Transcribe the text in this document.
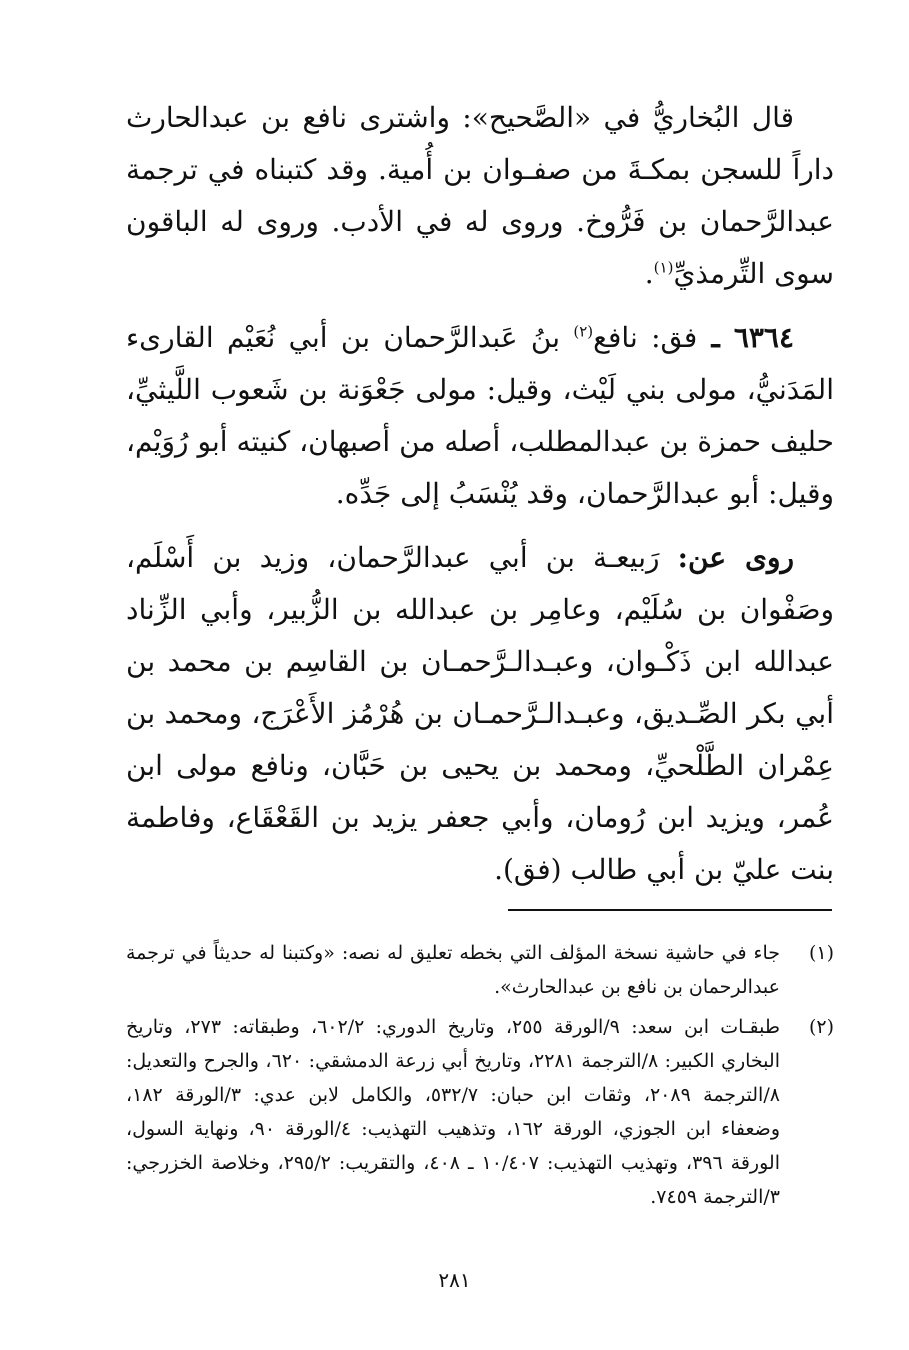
قال البُخاريُّ في «الصَّحيح»: واشترى نافع بن عبدالحارث داراً للسجن بمكـةَ من صفـوان بن أُمية. وقد كتبناه في ترجمة عبدالرَّحمان بن فَرُّوخ. وروى له في الأدب. وروى له الباقون سوى التِّرمذيِّ$^{(١)}$.

٦٣٦٤ ـ فق: نافع$^{(٢)}$ بنُ عَبدالرَّحمان بن أبي نُعَيْم القارىء المَدَنيُّ، مولى بني لَيْث، وقيل: مولى جَعْوَنة بن شَعوب اللَّيثيِّ، حليف حمزة بن عبدالمطلب، أصله من أصبهان، كنيته أبو رُوَيْم، وقيل: أبو عبدالرَّحمان، وقد يُنْسَبُ إلى جَدِّه.

روى عن: رَبيعـة بن أبي عبدالرَّحمان، وزيد بن أَسْلَم، وصَفْوان بن سُلَيْم، وعامِر بن عبدالله بن الزُّبير، وأبي الزِّناد عبدالله ابن ذَكْـوان، وعبـدالـرَّحمـان بن القاسِم بن محمد بن أبي بكر الصِّـديق، وعبـدالـرَّحمـان بن هُرْمُز الأَعْرَج، ومحمد بن عِمْران الطَّلْحيِّ، ومحمد بن يحيى بن حَبَّان، ونافع مولى ابن عُمر، ويزيد ابن رُومان، وأبي جعفر يزيد بن القَعْقَاع، وفاطمة بنت عليّ بن أبي طالب (فق).

(١)
جاء في حاشية نسخة المؤلف التي بخطه تعليق له نصه: «وكتبنا له حديثاً في ترجمة عبدالرحمان بن نافع بن عبدالحارث».
(٢)
طبقـات ابن سعد: ٩/الورقة ٢٥٥، وتاريخ الدوري: ٦٠٢/٢، وطبقاته: ٢٧٣، وتاريخ البخاري الكبير: ٨/الترجمة ٢٢٨١، وتاريخ أبي زرعة الدمشقي: ٦٢٠، والجرح والتعديل: ٨/الترجمة ٢٠٨٩، وثقات ابن حبان: ٥٣٢/٧، والكامل لابن عدي: ٣/الورقة ١٨٢، وضعفاء ابن الجوزي، الورقة ١٦٢، وتذهيب التهذيب: ٤/الورقة ٩٠، ونهاية السول، الورقة ٣٩٦، وتهذيب التهذيب: ١٠/٤٠٧ ـ ٤٠٨، والتقريب: ٢٩٥/٢، وخلاصة الخزرجي: ٣/الترجمة ٧٤٥٩.
٢٨١
